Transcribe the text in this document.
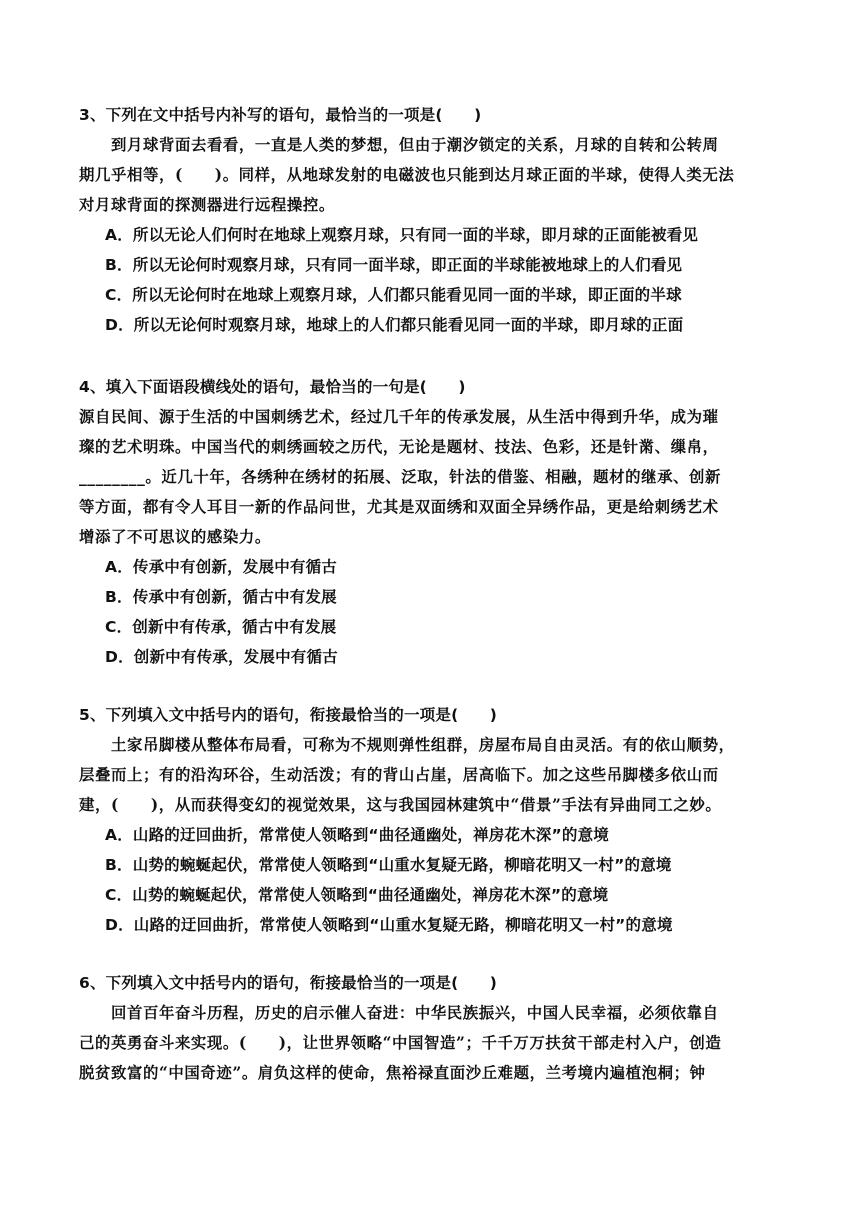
3、下列在文中括号内补写的语句，最恰当的一项是(　　)
到月球背面去看看，一直是人类的梦想，但由于潮汐锁定的关系，月球的自转和公转周
期几乎相等，(　　)。同样，从地球发射的电磁波也只能到达月球正面的半球，使得人类无法
对月球背面的探测器进行远程操控。
A．所以无论人们何时在地球上观察月球，只有同一面的半球，即月球的正面能被看见
B．所以无论何时观察月球，只有同一面半球，即正面的半球能被地球上的人们看见
C．所以无论何时在地球上观察月球，人们都只能看见同一面的半球，即正面的半球
D．所以无论何时观察月球，地球上的人们都只能看见同一面的半球，即月球的正面
4、填入下面语段横线处的语句，最恰当的一句是(　　)
源自民间、源于生活的中国刺绣艺术，经过几千年的传承发展，从生活中得到升华，成为璀
璨的艺术明珠。中国当代的刺绣画较之历代，无论是题材、技法、色彩，还是针黹、缫帛，
________。近几十年，各绣种在绣材的拓展、泛取，针法的借鉴、相融，题材的继承、创新
等方面，都有令人耳目一新的作品问世，尤其是双面绣和双面全异绣作品，更是给刺绣艺术
增添了不可思议的感染力。
A．传承中有创新，发展中有循古
B．传承中有创新，循古中有发展
C．创新中有传承，循古中有发展
D．创新中有传承，发展中有循古
5、下列填入文中括号内的语句，衔接最恰当的一项是(　　)
土家吊脚楼从整体布局看，可称为不规则弹性组群，房屋布局自由灵活。有的依山顺势，
层叠而上；有的沿沟环谷，生动活泼；有的背山占崖，居高临下。加之这些吊脚楼多依山而
建，(　　)，从而获得变幻的视觉效果，这与我国园林建筑中“借景”手法有异曲同工之妙。
A．山路的迂回曲折，常常使人领略到“曲径通幽处，禅房花木深”的意境
B．山势的蜿蜒起伏，常常使人领略到“山重水复疑无路，柳暗花明又一村”的意境
C．山势的蜿蜒起伏，常常使人领略到“曲径通幽处，禅房花木深”的意境
D．山路的迂回曲折，常常使人领略到“山重水复疑无路，柳暗花明又一村”的意境
6、下列填入文中括号内的语句，衔接最恰当的一项是(　　)
回首百年奋斗历程，历史的启示催人奋进：中华民族振兴，中国人民幸福，必须依靠自
己的英勇奋斗来实现。(　　)，让世界领略“中国智造”；千千万万扶贫干部走村入户，创造
脱贫致富的“中国奇迹”。肩负这样的使命，焦裕禄直面沙丘难题，兰考境内遍植泡桐；钟
